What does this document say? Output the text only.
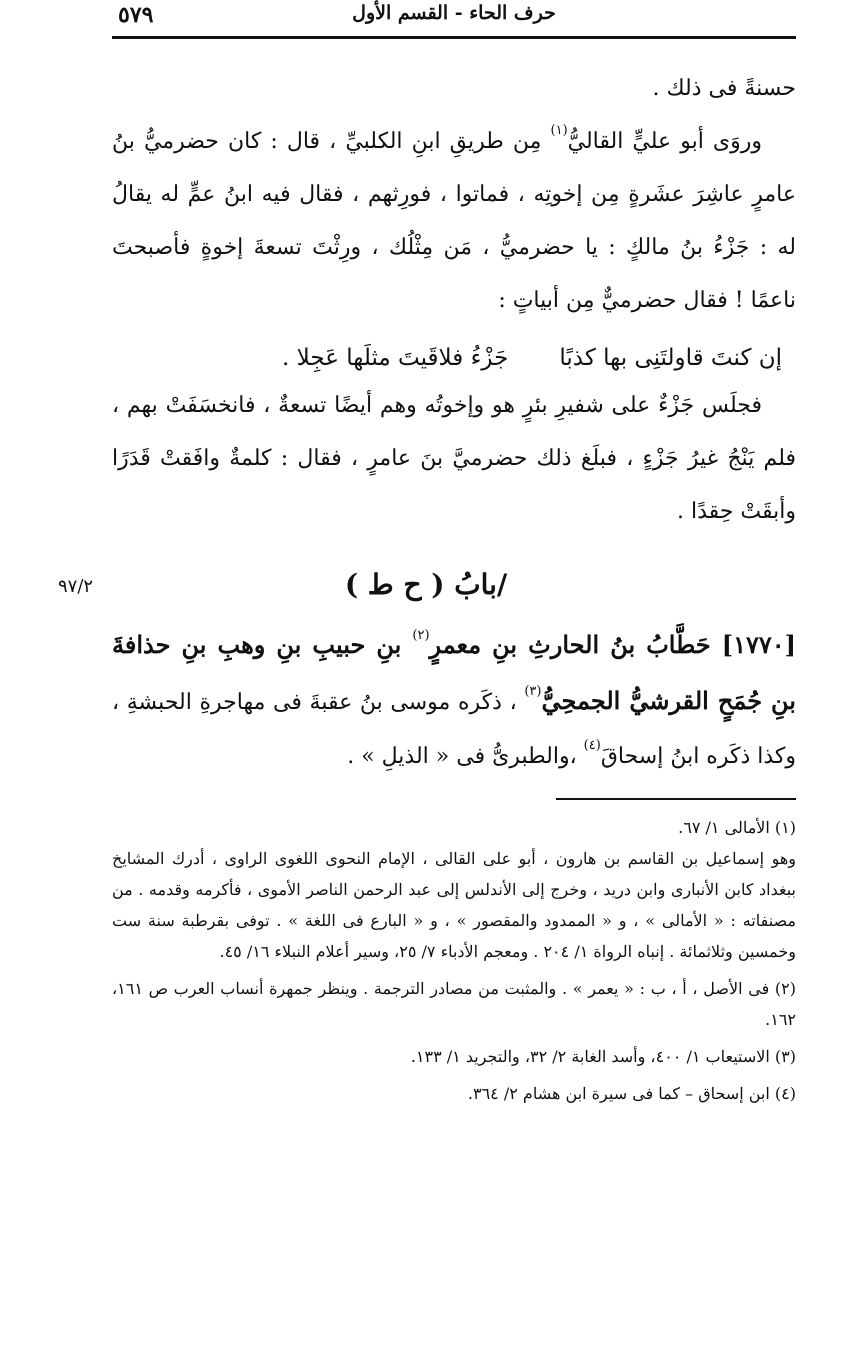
حرف الحاء - القسم الأول
٥٧٩

حسنةً فى ذلك .

وروَى أبو عليٍّ القاليُّ$^{(١)}$ مِن طريقِ ابنِ الكلبيِّ ، قال : كان حضرميُّ بنُ عامرٍ عاشِرَ عشَرةٍ مِن إخوتِه ، فماتوا ، فورِثهم ، فقال فيه ابنُ عمٍّ له يقالُ له : جَزْءُ بنُ مالكٍ : يا حضرميُّ ، مَن مِثْلُك ، ورِثْتَ تسعةَ إخوةٍ فأصبحتَ ناعمًا ! فقال حضرميٌّ مِن أبياتٍ :

إن كنتَ قاولتَنِى بها كذبًا
جَزْءُ فلاقَيتَ مثلَها عَجِلا .

فجلَس جَزْءٌ على شفيرِ بئرٍ هو وإخوتُه وهم أيضًا تسعةٌ ، فانخسَفَتْ بهم ، فلم يَنْجُ غيرُ جَزْءٍ ، فبلَغ ذلك حضرميَّ بنَ عامرٍ ، فقال : كلمةٌ وافَقتْ قَدَرًا وأبقَتْ حِقدًا .

/بابُ ( ح ط )
٩٧/٢

[١٧٧٠] حَطَّابُ بنُ الحارثِ بنِ معمرٍ$^{(٢)}$ بنِ حبيبِ بنِ وهبِ بنِ حذافةَ بنِ جُمَحٍ القرشيُّ الجمحِيُّ$^{(٣)}$ ، ذكَره موسى بنُ عقبةَ فى مهاجرةِ الحبشةِ ، وكذا ذكَره ابنُ إسحاقَ$^{(٤)}$ ،والطبرىُّ فى « الذيلِ » .

(١) الأمالى ١/ ٦٧.

وهو إسماعيل بن القاسم بن هارون ، أبو على القالى ، الإمام النحوى اللغوى الراوى ، أدرك المشايخ ببغداد كابن الأنبارى وابن دريد ، وخرج إلى الأندلس إلى عبد الرحمن الناصر الأموى ، فأكرمه وقدمه . من مصنفاته : « الأمالى » ، و « الممدود والمقصور » ، و « البارع فى اللغة » . توفى بقرطبة سنة ست وخمسين وثلاثمائة . إنباه الرواة ١/ ٢٠٤ . ومعجم الأدباء ٧/ ٢٥، وسير أعلام النبلاء ١٦/ ٤٥.

(٢) فى الأصل ، أ ، ب : « يعمر » . والمثبت من مصادر الترجمة . وينظر جمهرة أنساب العرب ص ١٦١، ١٦٢.

(٣) الاستيعاب ١/ ٤٠٠، وأسد الغابة ٢/ ٣٢، والتجريد ١/ ١٣٣.

(٤) ابن إسحاق – كما فى سيرة ابن هشام ٢/ ٣٦٤.
